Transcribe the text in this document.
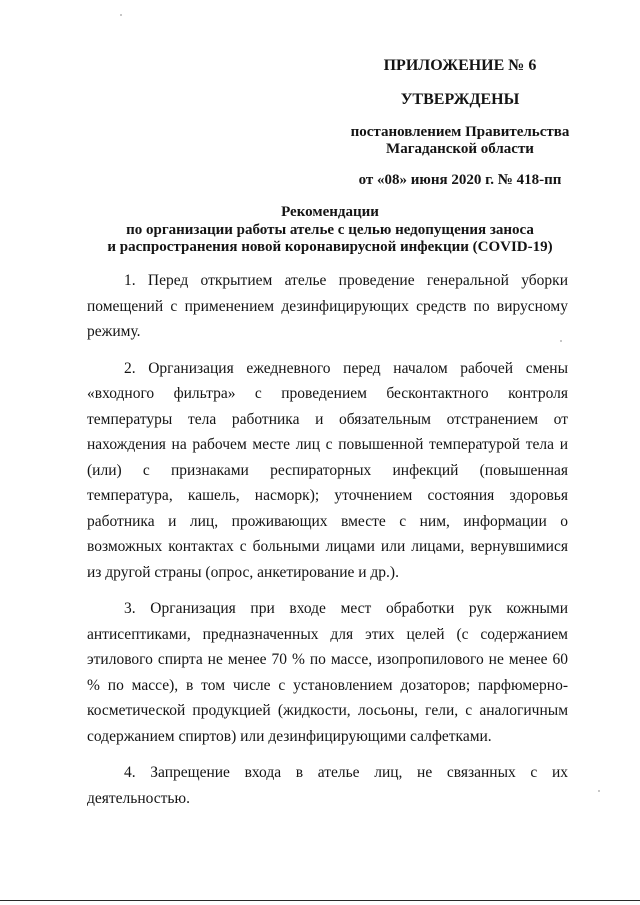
ПРИЛОЖЕНИЕ № 6
УТВЕРЖДЕНЫ
постановлением Правительства
Магаданской области
от «08» июня 2020 г. № 418-пп
Рекомендации
по организации работы ателье с целью недопущения заноса
и распространения новой коронавирусной инфекции (COVID-19)

1. Перед открытием ателье проведение генеральной уборки помещений с применением дезинфицирующих средств по вирусному режиму.

2. Организация ежедневного перед началом рабочей смены «входного фильтра» с проведением бесконтактного контроля температуры тела работника и обязательным отстранением от нахождения на рабочем месте лиц с повышенной температурой тела и (или) с признаками респираторных инфекций (повышенная температура, кашель, насморк); уточнением состояния здоровья работника и лиц, проживающих вместе с ним, информации о возможных контактах с больными лицами или лицами, вернувшимися из другой страны (опрос, анкетирование и др.).

3. Организация при входе мест обработки рук кожными антисептиками, предназначенных для этих целей (с содержанием этилового спирта не менее 70 % по массе, изопропилового не менее 60 % по массе), в том числе с установлением дозаторов; парфюмерно-косметической продукцией (жидкости, лосьоны, гели, с аналогичным содержанием спиртов) или дезинфицирующими салфетками.

4. Запрещение входа в ателье лиц, не связанных с их деятельностью.
